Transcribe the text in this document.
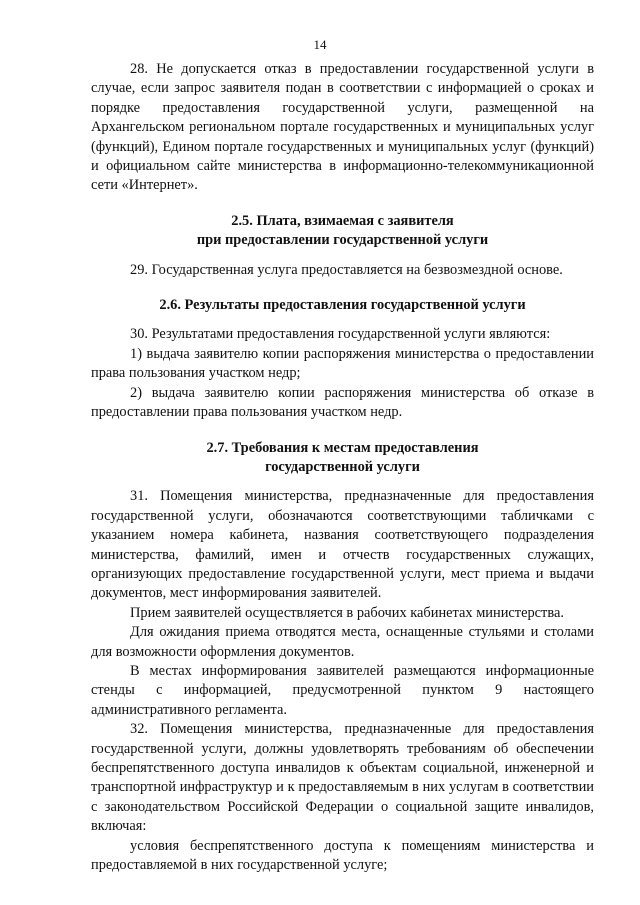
14

28. Не допускается отказ в предоставлении государственной услуги в случае, если запрос заявителя подан в соответствии с информацией о сроках и порядке предоставления государственной услуги, размещенной на Архангельском региональном портале государственных и муниципальных услуг (функций), Едином портале государственных и муниципальных услуг (функций) и официальном сайте министерства в информационно-телекоммуникационной сети «Интернет».

2.5. Плата, взимаемая с заявителя

при предоставлении государственной услуги

29. Государственная услуга предоставляется на безвозмездной основе.

2.6. Результаты предоставления государственной услуги

30. Результатами предоставления государственной услуги являются:

1) выдача заявителю копии распоряжения министерства о предоставлении права пользования участком недр;

2) выдача заявителю копии распоряжения министерства об отказе в предоставлении права пользования участком недр.

2.7. Требования к местам предоставления

государственной услуги

31. Помещения министерства, предназначенные для предоставления государственной услуги, обозначаются соответствующими табличками с указанием номера кабинета, названия соответствующего подразделения министерства, фамилий, имен и отчеств государственных служащих, организующих предоставление государственной услуги, мест приема и выдачи документов, мест информирования заявителей.

Прием заявителей осуществляется в рабочих кабинетах министерства.

Для ожидания приема отводятся места, оснащенные стульями и столами для возможности оформления документов.

В местах информирования заявителей размещаются информационные стенды с информацией, предусмотренной пунктом 9 настоящего административного регламента.

32. Помещения министерства, предназначенные для предоставления государственной услуги, должны удовлетворять требованиям об обеспечении беспрепятственного доступа инвалидов к объектам социальной, инженерной и транспортной инфраструктур и к предоставляемым в них услугам в соответствии с законодательством Российской Федерации о социальной защите инвалидов, включая:

условия беспрепятственного доступа к помещениям министерства и предоставляемой в них государственной услуге;
